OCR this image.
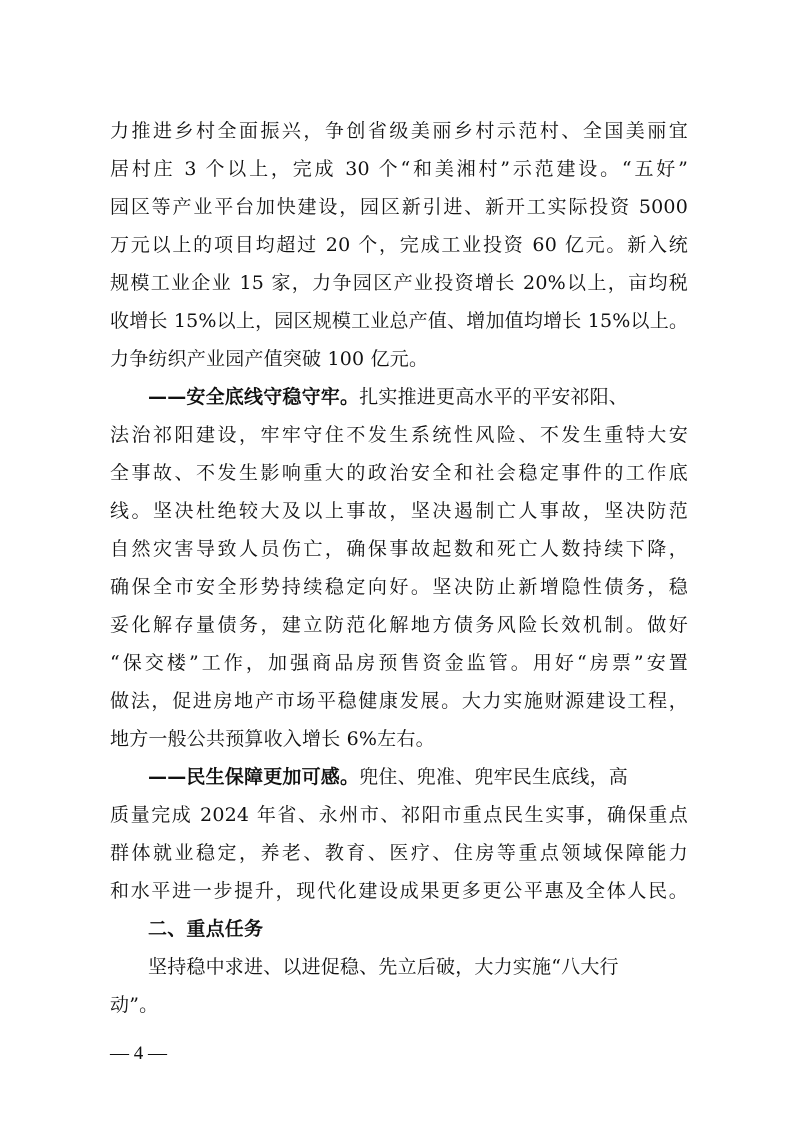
力推进乡村全面振兴，争创省级美丽乡村示范村、全国美丽宜
居村庄 3 个以上，完成 30 个“和美湘村”示范建设。“五好”
园区等产业平台加快建设，园区新引进、新开工实际投资 5000
万元以上的项目均超过 20 个，完成工业投资 60 亿元。新入统
规模工业企业 15 家，力争园区产业投资增长 20%以上，亩均税
收增长 15%以上，园区规模工业总产值、增加值均增长 15%以上。
力争纺织产业园产值突破 100 亿元。
——安全底线守稳守牢。扎实推进更高水平的平安祁阳、
法治祁阳建设，牢牢守住不发生系统性风险、不发生重特大安
全事故、不发生影响重大的政治安全和社会稳定事件的工作底
线。坚决杜绝较大及以上事故，坚决遏制亡人事故，坚决防范
自然灾害导致人员伤亡，确保事故起数和死亡人数持续下降，
确保全市安全形势持续稳定向好。坚决防止新增隐性债务，稳
妥化解存量债务，建立防范化解地方债务风险长效机制。做好
“保交楼”工作，加强商品房预售资金监管。用好“房票”安置
做法，促进房地产市场平稳健康发展。大力实施财源建设工程，
地方一般公共预算收入增长 6%左右。
——民生保障更加可感。兜住、兜准、兜牢民生底线，高
质量完成 2024 年省、永州市、祁阳市重点民生实事，确保重点
群体就业稳定，养老、教育、医疗、住房等重点领域保障能力
和水平进一步提升，现代化建设成果更多更公平惠及全体人民。
二、重点任务
坚持稳中求进、以进促稳、先立后破，大力实施“八大行
动”。
— 4 —
